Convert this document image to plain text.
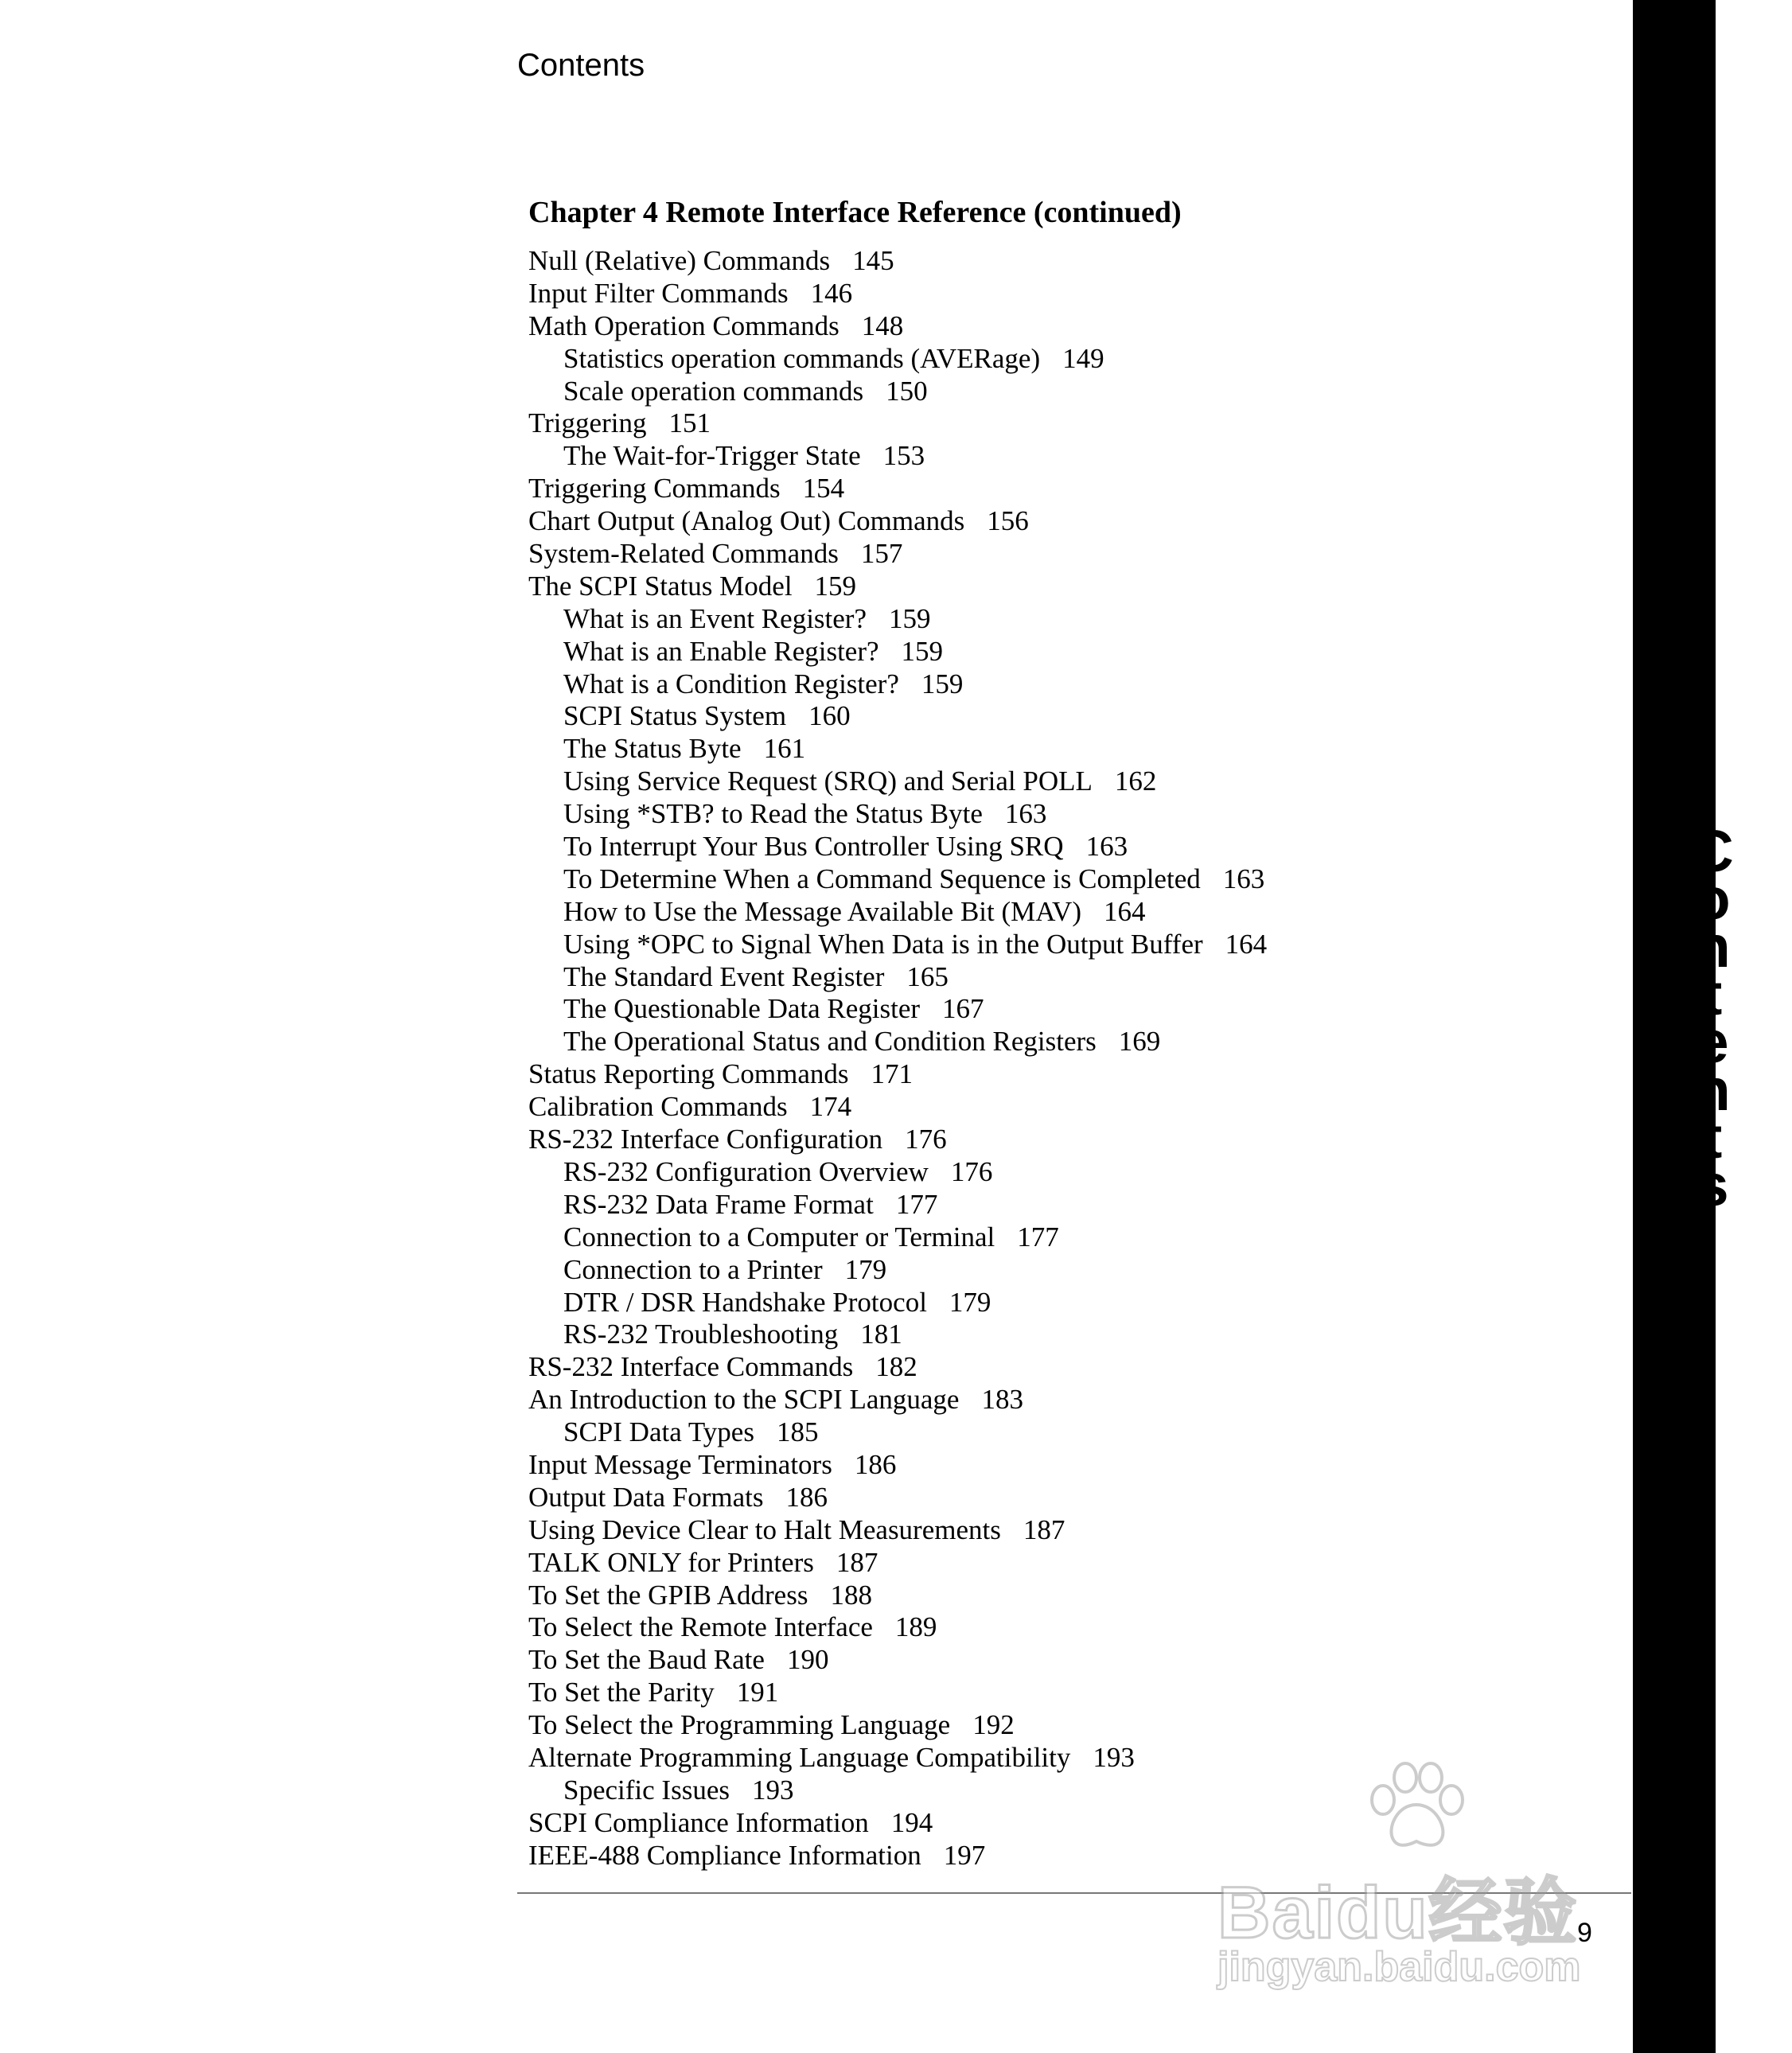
Contents
Chapter 4 Remote Interface Reference (continued)
Null (Relative) Commands 145
Input Filter Commands 146
Math Operation Commands 148
Statistics operation commands (AVERage) 149
Scale operation commands 150
Triggering 151
The Wait-for-Trigger State 153
Triggering Commands 154
Chart Output (Analog Out) Commands 156
System-Related Commands 157
The SCPI Status Model 159
What is an Event Register? 159
What is an Enable Register? 159
What is a Condition Register? 159
SCPI Status System 160
The Status Byte 161
Using Service Request (SRQ) and Serial POLL 162
Using *STB? to Read the Status Byte 163
To Interrupt Your Bus Controller Using SRQ 163
To Determine When a Command Sequence is Completed 163
How to Use the Message Available Bit (MAV) 164
Using *OPC to Signal When Data is in the Output Buffer 164
The Standard Event Register 165
The Questionable Data Register 167
The Operational Status and Condition Registers 169
Status Reporting Commands 171
Calibration Commands 174
RS-232 Interface Configuration 176
RS-232 Configuration Overview 176
RS-232 Data Frame Format 177
Connection to a Computer or Terminal 177
Connection to a Printer 179
DTR / DSR Handshake Protocol 179
RS-232 Troubleshooting 181
RS-232 Interface Commands 182
An Introduction to the SCPI Language 183
SCPI Data Types 185
Input Message Terminators 186
Output Data Formats 186
Using Device Clear to Halt Measurements 187
TALK ONLY for Printers 187
To Set the GPIB Address 188
To Select the Remote Interface 189
To Set the Baud Rate 190
To Set the Parity 191
To Select the Programming Language 192
Alternate Programming Language Compatibility 193
Specific Issues 193
SCPI Compliance Information 194
IEEE-488 Compliance Information 197
9
C
o
n
t
e
n
t
s
Baidu经验
jingyan.baidu.com
